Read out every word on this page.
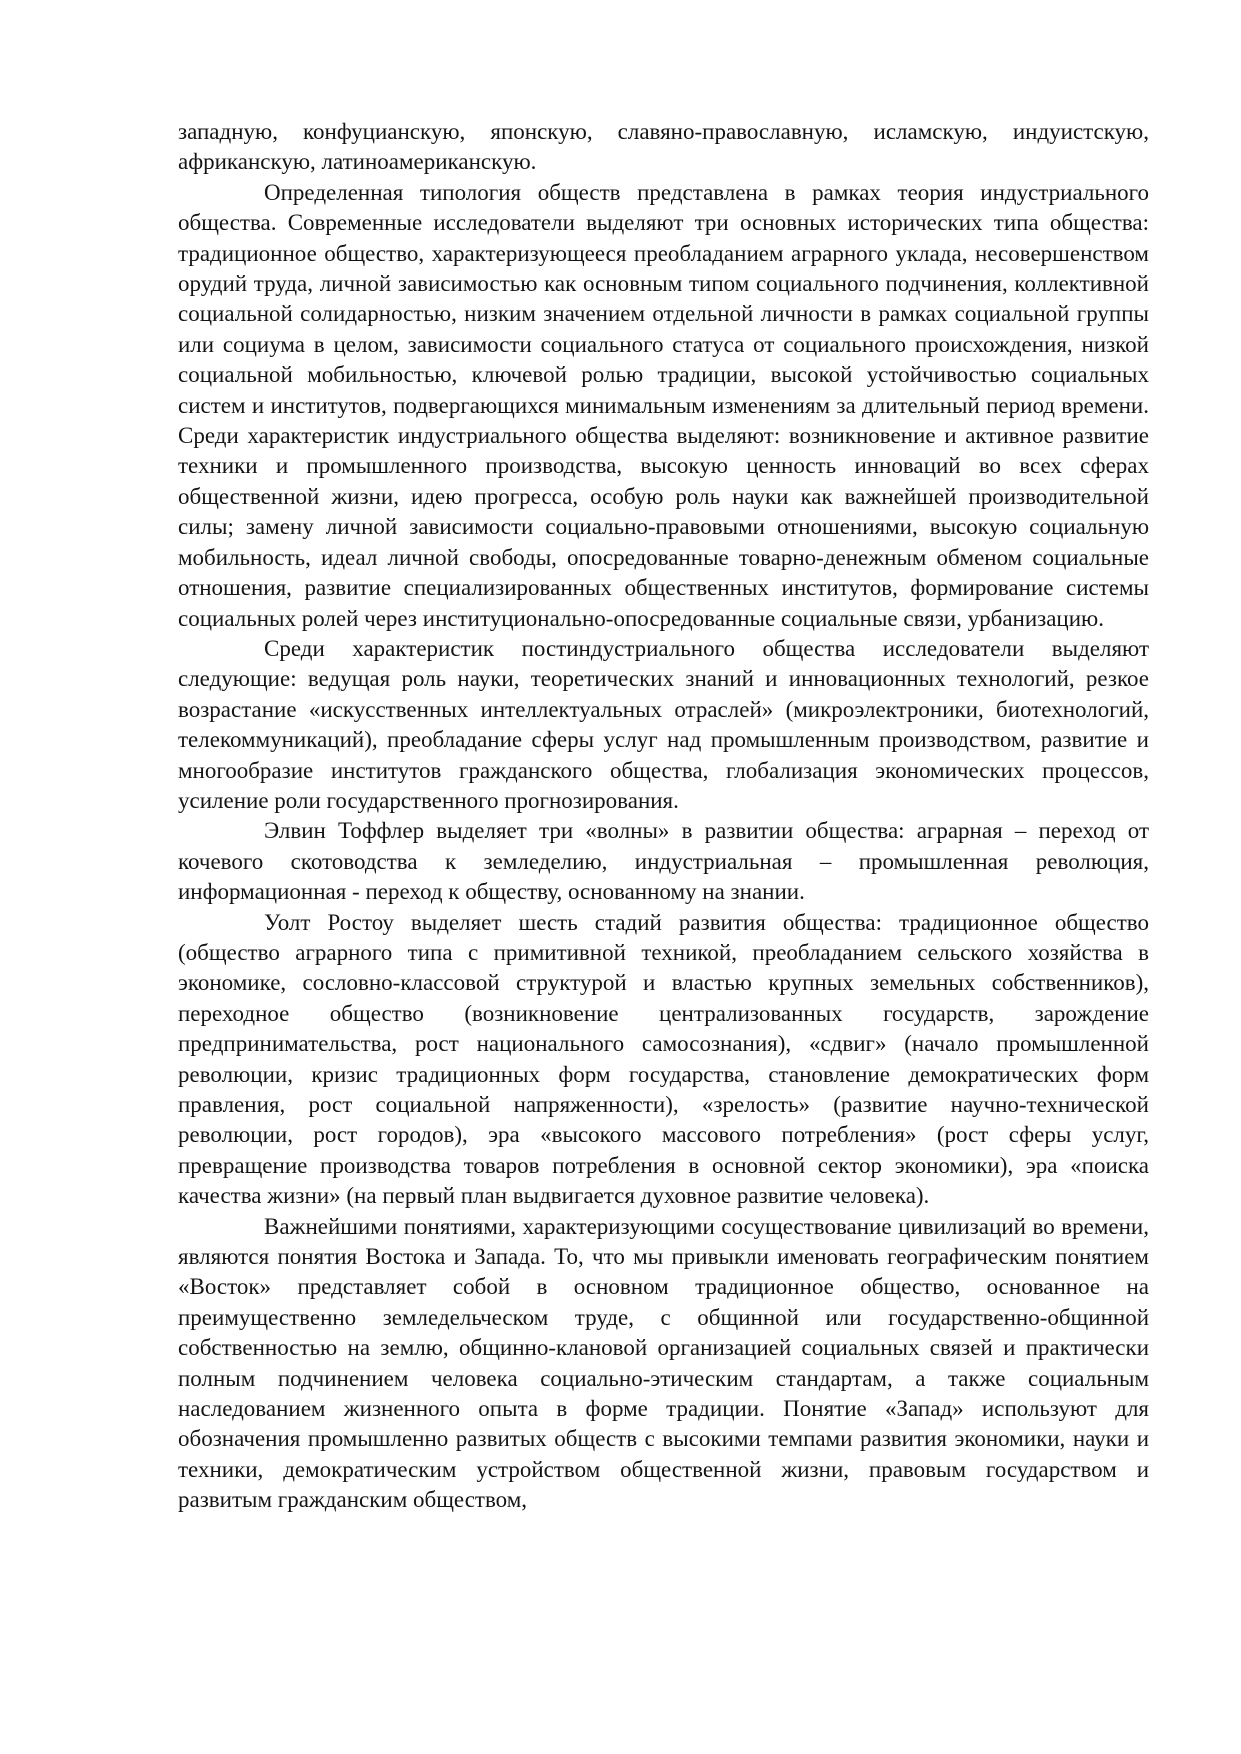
западную, конфуцианскую, японскую, славяно-православную, исламскую, индуистскую, африканскую, латиноамериканскую.

Определенная типология обществ представлена в рамках теория индустриального общества. Современные исследователи выделяют три основных исторических типа общества: традиционное общество, характеризующееся преобладанием аграрного уклада, несовершенством орудий труда, личной зависимостью как основным типом социального подчинения, коллективной социальной солидарностью, низким значением отдельной личности в рамках социальной группы или социума в целом, зависимости социального статуса от социального происхождения, низкой социальной мобильностью, ключевой ролью традиции, высокой устойчивостью социальных систем и институтов, подвергающихся минимальным изменениям за длительный период времени. Среди характеристик индустриального общества выделяют: возникновение и активное развитие техники и промышленного производства, высокую ценность инноваций во всех сферах общественной жизни, идею прогресса, особую роль науки как важнейшей производительной силы; замену личной зависимости социально-правовыми отношениями, высокую социальную мобильность, идеал личной свободы, опосредованные товарно-денежным обменом социальные отношения, развитие специализированных общественных институтов, формирование системы социальных ролей через институционально-опосредованные социальные связи, урбанизацию.

Среди характеристик постиндустриального общества исследователи выделяют следующие: ведущая роль науки, теоретических знаний и инновационных технологий, резкое возрастание «искусственных интеллектуальных отраслей» (микроэлектроники, биотехнологий, телекоммуникаций), преобладание сферы услуг над промышленным производством, развитие и многообразие институтов гражданского общества, глобализация экономических процессов, усиление роли государственного прогнозирования.

Элвин Тоффлер выделяет три «волны» в развитии общества: аграрная – переход от кочевого скотоводства к земледелию, индустриальная – промышленная революция, информационная - переход к обществу, основанному на знании.

Уолт Ростоу выделяет шесть стадий развития общества: традиционное общество (общество аграрного типа с примитивной техникой, преобладанием сельского хозяйства в экономике, сословно-классовой структурой и властью крупных земельных собственников), переходное общество (возникновение централизованных государств, зарождение предпринимательства, рост национального самосознания), «сдвиг» (начало промышленной революции, кризис традиционных форм государства, становление демократических форм правления, рост социальной напряженности), «зрелость» (развитие научно-технической революции, рост городов), эра «высокого массового потребления» (рост сферы услуг, превращение производства товаров потребления в основной сектор экономики), эра «поиска качества жизни» (на первый план выдвигается духовное развитие человека).

Важнейшими понятиями, характеризующими сосуществование цивилизаций во времени, являются понятия Востока и Запада. То, что мы привыкли именовать географическим понятием «Восток» представляет собой в основном традиционное общество, основанное на преимущественно земледельческом труде, с общинной или государственно-общинной собственностью на землю, общинно-клановой организацией социальных связей и практически полным подчинением человека социально-этическим стандартам, а также социальным наследованием жизненного опыта в форме традиции. Понятие «Запад» используют для обозначения промышленно развитых обществ с высокими темпами развития экономики, науки и техники, демократическим устройством общественной жизни, правовым государством и развитым гражданским обществом,
